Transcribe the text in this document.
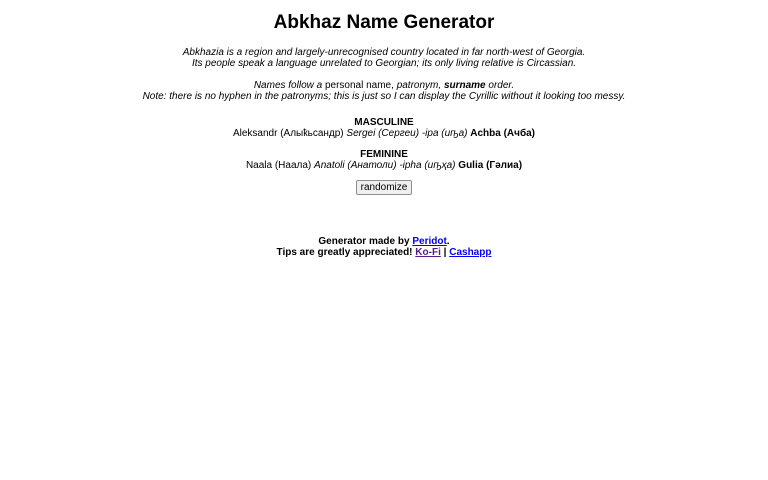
Abkhaz Name Generator
Abkhazia is a region and largely-unrecognised country located in far north-west of Georgia.
Its people speak a language unrelated to Georgian; its only living relative is Circassian.
Names follow a personal name, patronym, surname order.
Note: there is no hyphen in the patronyms; this is just so I can display the Cyrillic without it looking too messy.
MASCULINE
Aleksandr (Алыҟьсандр) Sergei (Сергеи) -ipa (иҧа) Achba (Ачба)
FEMININE
Naala (Наала) Anatoli (Анатоли) -ipha (иҧҳа) Gulia (Гәлиа)
randomize
Generator made by Peridot.
Tips are greatly appreciated! Ko-Fi | Cashapp
